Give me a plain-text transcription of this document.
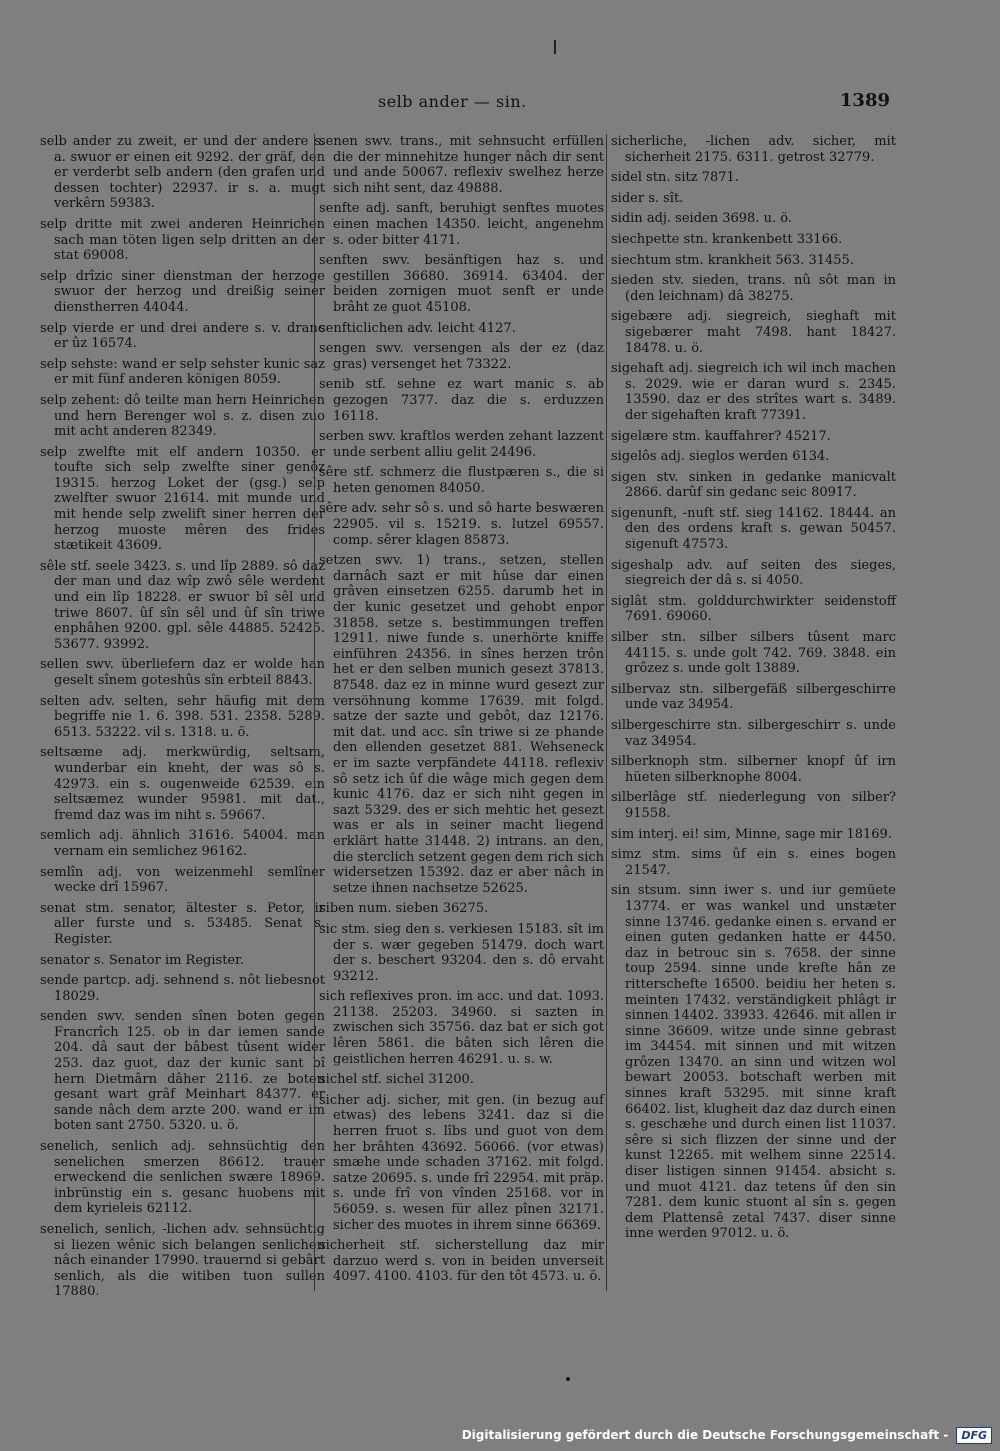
selb ander — sin.	1389

selb ander zu zweit, er und der andere s. a. swuor er einen eit 9292. der gräf, den er verderbt selb andern (den grafen und dessen tochter) 22937. ir s. a. mugt verkêrn 59383.

selp dritte mit zwei anderen Heinrichen sach man töten ligen selp dritten an der stat 69008.

selp drîzic siner dienstman der herzoge swuor der herzog und dreißig seiner dienstherren 44044.

selp vierde er und drei andere s. v. dranc er ûz 16574.

selp sehste: wand er selp sehster kunic saz er mit fünf anderen königen 8059.

selp zehent: dô teilte man hern Heinrichen und hern Berenger wol s. z. disen zuo mit acht anderen 82349.

selp zwelfte mit elf andern 10350. er toufte sich selp zwelfte siner genôz 19315. herzog Loket der (gsg.) selp zwelfter swuor 21614. mit munde und mit hende selp zwelift siner herren der herzog muoste mêren des frides stætikeit 43609.

sêle stf. seele 3423. s. und lîp 2889. sô daz der man und daz wîp zwô sêle werdent und ein lîp 18228. er swuor bî sêl und triwe 8607. ûf sîn sêl und ûf sîn triwe enphâhen 9200. gpl. sêle 44885. 52425. 53677. 93992.

sellen swv. überliefern daz er wolde han geselt sînem goteshûs sîn erbteil 8843.

selten adv. selten, sehr häufig mit dem begriffe nie 1. 6. 398. 531. 2358. 5289. 6513. 53222. vil s. 1318. u. ö.

seltsæme adj. merkwürdig, seltsam, wunderbar ein kneht, der was sô s. 42973. ein s. ougenweide 62539. ein seltsæmez wunder 95981. mit dat., fremd daz was im niht s. 59667.

semlich adj. ähnlich 31616. 54004. man vernam ein semlichez 96162.

semlîn adj. von weizenmehl semlîner wecke drî 15967.

senat stm. senator, ältester s. Petor, ir aller furste und s. 53485. Senat s. Register.

senator s. Senator im Register.

sende partcp. adj. sehnend s. nôt liebesnot 18029.

senden swv. senden sînen boten gegen Francrîch 125. ob in dar iemen sande 204. dâ saut der bâbest tûsent wider 253. daz guot, daz der kunic sant bî hern Dietmârn dâher 2116. ze boten gesant wart grâf Meinhart 84377. er sande nâch dem arzte 200. wand er im boten sant 2750. 5320. u. ö.

senelich, senlich adj. sehnsüchtig den senelichen smerzen 86612. trauer erweckend die senlichen swære 18969. inbrünstig ein s. gesanc huobens mit dem kyrieleis 62112.

senelich, senlich, -lichen adv. sehnsüchtig si liezen wênic sich belangen senlichen nâch einander 17990. trauernd si gebârt senlich, als die witiben tuon sullen 17880.

senen swv. trans., mit sehnsucht erfüllen die der minnehitze hunger nâch dir sent und ande 50067. reflexiv swelhez herze sich niht sent, daz 49888.

senfte adj. sanft, beruhigt senftes muotes einen machen 14350. leicht, angenehm s. oder bitter 4171.

senften swv. besänftigen haz s. und gestillen 36680. 36914. 63404. der beiden zornigen muot senft er unde brâht ze guot 45108.

senfticlichen adv. leicht 4127.

sengen swv. versengen als der ez (daz gras) versenget het 73322.

senib stf. sehne ez wart manic s. ab gezogen 7377. daz die s. erduzzen 16118.

serben swv. kraftlos werden zehant lazzent unde serbent alliu gelit 24496.

sêre stf. schmerz die flustpæren s., die si heten genomen 84050.

sêre adv. sehr sô s. und sô harte beswæren 22905. vil s. 15219. s. lutzel 69557. comp. sêrer klagen 85873.

setzen swv. 1) trans., setzen, stellen darnâch sazt er mit hûse dar einen grâven einsetzen 6255. darumb het in der kunic gesetzet und gehobt enpor 31858. setze s. bestimmungen treffen 12911. niwe funde s. unerhörte kniffe einführen 24356. in sînes herzen trôn het er den selben munich gesezt 37813. 87548. daz ez in minne wurd gesezt zur versöhnung komme 17639. mit folgd. satze der sazte und gebôt, daz 12176. mit dat. und acc. sîn triwe si ze phande den ellenden gesetzet 881. Wehseneck er im sazte verpfändete 44118. reflexiv sô setz ich ûf die wâge mich gegen dem kunic 4176. daz er sich niht gegen in sazt 5329. des er sich mehtic het gesezt was er als in seiner macht liegend erklärt hatte 31448. 2) intrans. an den, die sterclich setzent gegen dem rich sich widersetzen 15392. daz er aber nâch in setze ihnen nachsetze 52625.

siben num. sieben 36275.

sic stm. sieg den s. verkiesen 15183. sît im der s. wær gegeben 51479. doch wart der s. beschert 93204. den s. dô ervaht 93212.

sich reflexives pron. im acc. und dat. 1093. 21138. 25203. 34960. si sazten in zwischen sich 35756. daz bat er sich got lêren 5861. die bâten sich lêren die geistlichen herren 46291. u. s. w.

sichel stf. sichel 31200.

sicher adj. sicher, mit gen. (in bezug auf etwas) des lebens 3241. daz si die herren fruot s. lîbs und guot von dem her brâhten 43692. 56066. (vor etwas) smæhe unde schaden 37162. mit folgd. satze 20695. s. unde frî 22954. mit präp. s. unde frî von vînden 25168. vor in 56059. s. wesen für allez pînen 32171. sicher des muotes in ihrem sinne 66369.

sicherheit stf. sicherstellung daz mir darzuo werd s. von in beiden unverseit 4097. 4100. 4103. für den tôt 4573. u. ö.

sicherliche, -lichen adv. sicher, mit sicherheit 2175. 6311. getrost 32779.

sidel stn. sitz 7871.

sider s. sît.

sidin adj. seiden 3698. u. ö.

siechpette stn. krankenbett 33166.

siechtum stm. krankheit 563. 31455.

sieden stv. sieden, trans. nû sôt man in (den leichnam) dâ 38275.

sigebære adj. siegreich, sieghaft mit sigebærer maht 7498. hant 18427. 18478. u. ö.

sigehaft adj. siegreich ich wil inch machen s. 2029. wie er daran wurd s. 2345. 13590. daz er des strîtes wart s. 3489. der sigehaften kraft 77391.

sigelære stm. kauffahrer? 45217.

sigelôs adj. sieglos werden 6134.

sigen stv. sinken in gedanke manicvalt 2866. darûf sin gedanc seic 80917.

sigenunft, -nuft stf. sieg 14162. 18444. an den des ordens kraft s. gewan 50457. sigenuft 47573.

sigeshalp adv. auf seiten des sieges, siegreich der dâ s. si 4050.

siglât stm. golddurchwirkter seidenstoff 7691. 69060.

silber stn. silber silbers tûsent marc 44115. s. unde golt 742. 769. 3848. ein grôzez s. unde golt 13889.

silbervaz stn. silbergefäß silbergeschirre unde vaz 34954.

silbergeschirre stn. silbergeschirr s. unde vaz 34954.

silberknoph stm. silberner knopf ûf irn hüeten silberknophe 8004.

silberlâge stf. niederlegung von silber? 91558.

sim interj. ei! sim, Minne, sage mir 18169.

simz stm. sims ûf ein s. eines bogen 21547.

sin stsum. sinn iwer s. und iur gemüete 13774. er was wankel und unstæter sinne 13746. gedanke einen s. ervand er einen guten gedanken hatte er 4450. daz in betrouc sin s. 7658. der sinne toup 2594. sinne unde krefte hân ze ritterschefte 16500. beidiu her heten s. meinten 17432. verständigkeit phlâgt ir sinnen 14402. 33933. 42646. mit allen ir sinne 36609. witze unde sinne gebrast im 34454. mit sinnen und mit witzen grôzen 13470. an sinn und witzen wol bewart 20053. botschaft werben mit sinnes kraft 53295. mit sinne kraft 66402. list, klugheit daz daz durch einen s. geschæhe und durch einen list 11037. sêre si sich flizzen der sinne und der kunst 12265. mit welhem sinne 22514. diser listigen sinnen 91454. absicht s. und muot 4121. daz tetens ûf den sin 7281. dem kunic stuont al sîn s. gegen dem Plattensê zetal 7437. diser sinne inne werden 97012. u. ö.

Digitalisierung gefördert durch die Deutsche Forschungsgemeinschaft -	DFG
